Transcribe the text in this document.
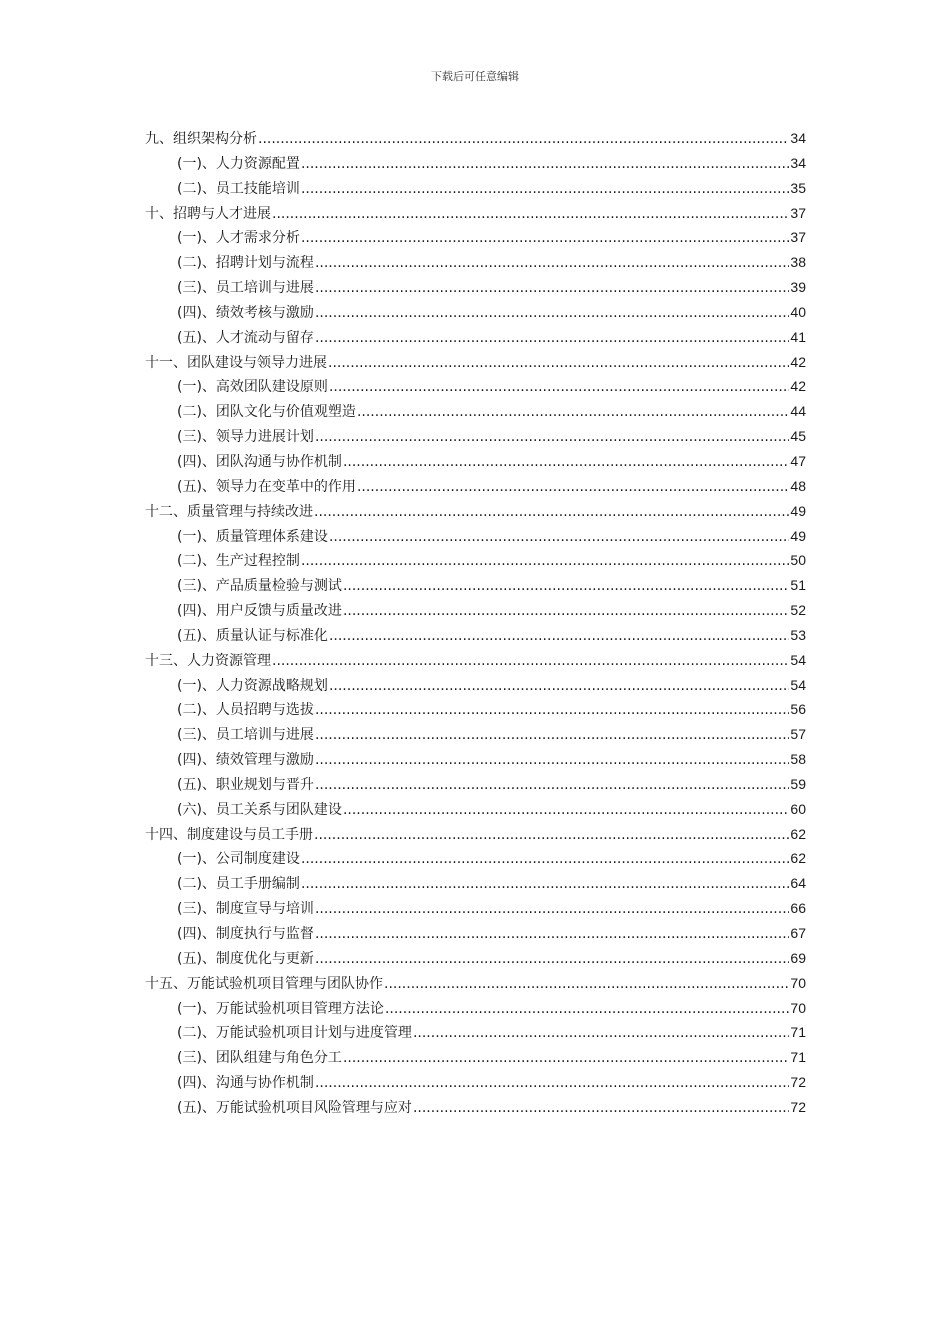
下载后可任意编辑
九、组织架构分析 .....	34
(一)、人力资源配置 .....	34
(二)、员工技能培训 .....	35
十、招聘与人才进展 .....	37
(一)、人才需求分析 .....	37
(二)、招聘计划与流程 .....	38
(三)、员工培训与进展 .....	39
(四)、绩效考核与激励 .....	40
(五)、人才流动与留存 .....	41
十一、团队建设与领导力进展 .....	42
(一)、高效团队建设原则 .....	42
(二)、团队文化与价值观塑造 .....	44
(三)、领导力进展计划 .....	45
(四)、团队沟通与协作机制 .....	47
(五)、领导力在变革中的作用 .....	48
十二、质量管理与持续改进 .....	49
(一)、质量管理体系建设 .....	49
(二)、生产过程控制 .....	50
(三)、产品质量检验与测试 .....	51
(四)、用户反馈与质量改进 .....	52
(五)、质量认证与标准化 .....	53
十三、人力资源管理 .....	54
(一)、人力资源战略规划 .....	54
(二)、人员招聘与选拔 .....	56
(三)、员工培训与进展 .....	57
(四)、绩效管理与激励 .....	58
(五)、职业规划与晋升 .....	59
(六)、员工关系与团队建设 .....	60
十四、制度建设与员工手册 .....	62
(一)、公司制度建设 .....	62
(二)、员工手册编制 .....	64
(三)、制度宣导与培训 .....	66
(四)、制度执行与监督 .....	67
(五)、制度优化与更新 .....	69
十五、万能试验机项目管理与团队协作 .....	70
(一)、万能试验机项目管理方法论 .....	70
(二)、万能试验机项目计划与进度管理 .....	71
(三)、团队组建与角色分工 .....	71
(四)、沟通与协作机制 .....	72
(五)、万能试验机项目风险管理与应对 .....	72
